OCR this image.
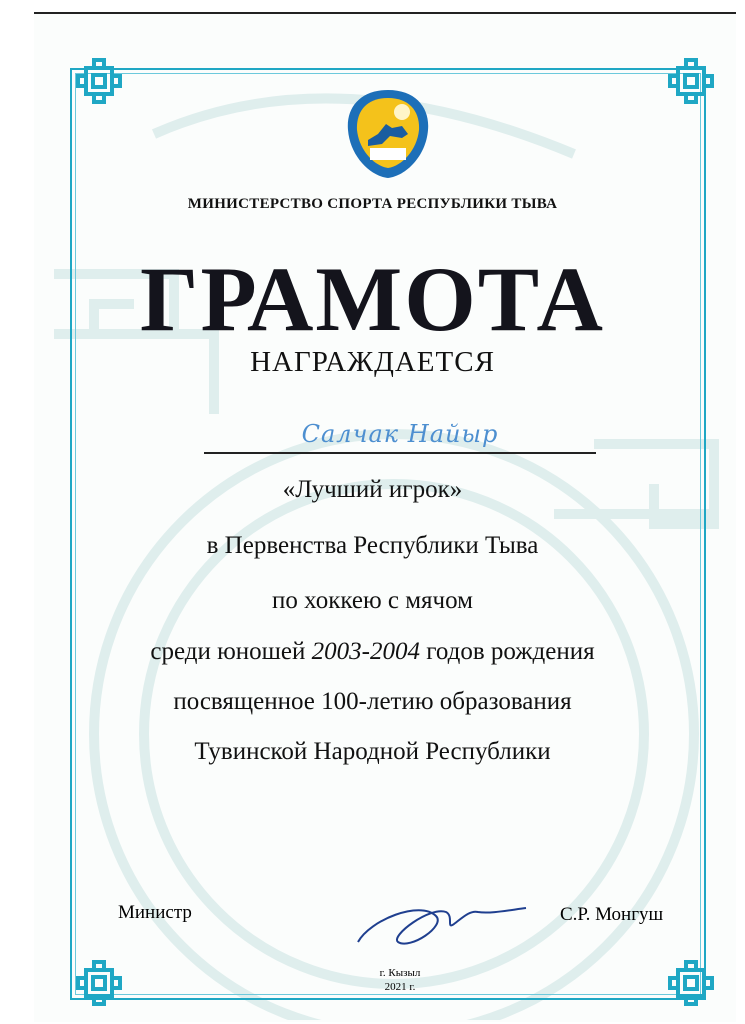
МИНИСТЕРСТВО СПОРТА РЕСПУБЛИКИ ТЫВА
ГРАМОТА
НАГРАЖДАЕТСЯ
Салчак Найыр
«Лучший игрок»
в Первенства Республики Тыва
по хоккею с мячом
среди юношей 2003-2004 годов рождения
посвященное 100-летию образования
Тувинской Народной Республики
Министр	С.Р. Монгуш
г. Кызыл
2021 г.
